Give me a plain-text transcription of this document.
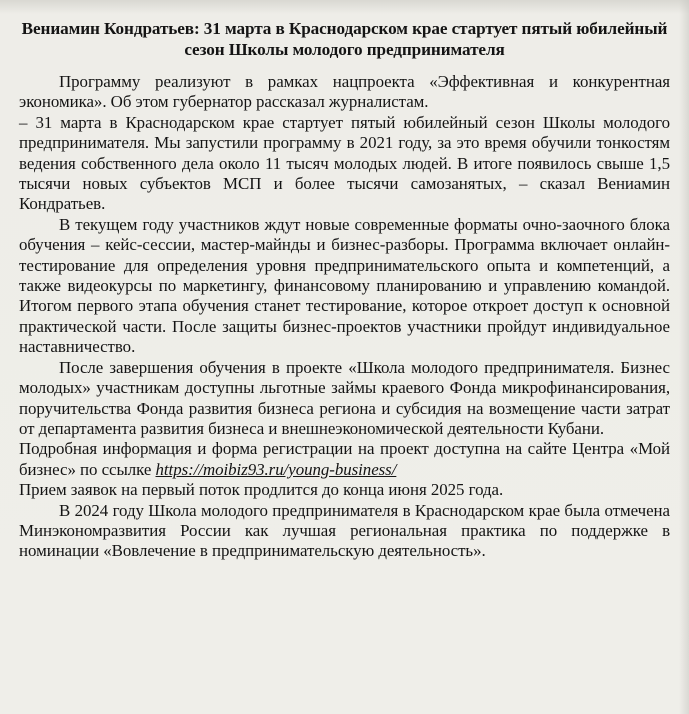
Вениамин Кондратьев: 31 марта в Краснодарском крае стартует пятый юбилейный сезон Школы молодого предпринимателя

Программу реализуют в рамках нацпроекта «Эффективная и конкурентная экономика». Об этом губернатор рассказал журналистам.

– 31 марта в Краснодарском крае стартует пятый юбилейный сезон Школы молодого предпринимателя. Мы запустили программу в 2021 году, за это время обучили тонкостям ведения собственного дела около 11 тысяч молодых людей. В итоге появилось свыше 1,5 тысячи новых субъектов МСП и более тысячи самозанятых, – сказал Вениамин Кондратьев.

В текущем году участников ждут новые современные форматы очно-заочного блока обучения – кейс-сессии, мастер-майнды и бизнес-разборы. Программа включает онлайн-тестирование для определения уровня предпринимательского опыта и компетенций, а также видеокурсы по маркетингу, финансовому планированию и управлению командой. Итогом первого этапа обучения станет тестирование, которое откроет доступ к основной практической части. После защиты бизнес-проектов участники пройдут индивидуальное наставничество.

После завершения обучения в проекте «Школа молодого предпринимателя. Бизнес молодых» участникам доступны льготные займы краевого Фонда микрофинансирования, поручительства Фонда развития бизнеса региона и субсидия на возмещение части затрат от департамента развития бизнеса и внешнеэкономической деятельности Кубани.

Подробная информация и форма регистрации на проект доступна на сайте Центра «Мой бизнес» по ссылке https://moibiz93.ru/young-business/

Прием заявок на первый поток продлится до конца июня 2025 года.

В 2024 году Школа молодого предпринимателя в Краснодарском крае была отмечена Минэкономразвития России как лучшая региональная практика по поддержке в номинации «Вовлечение в предпринимательскую деятельность».
